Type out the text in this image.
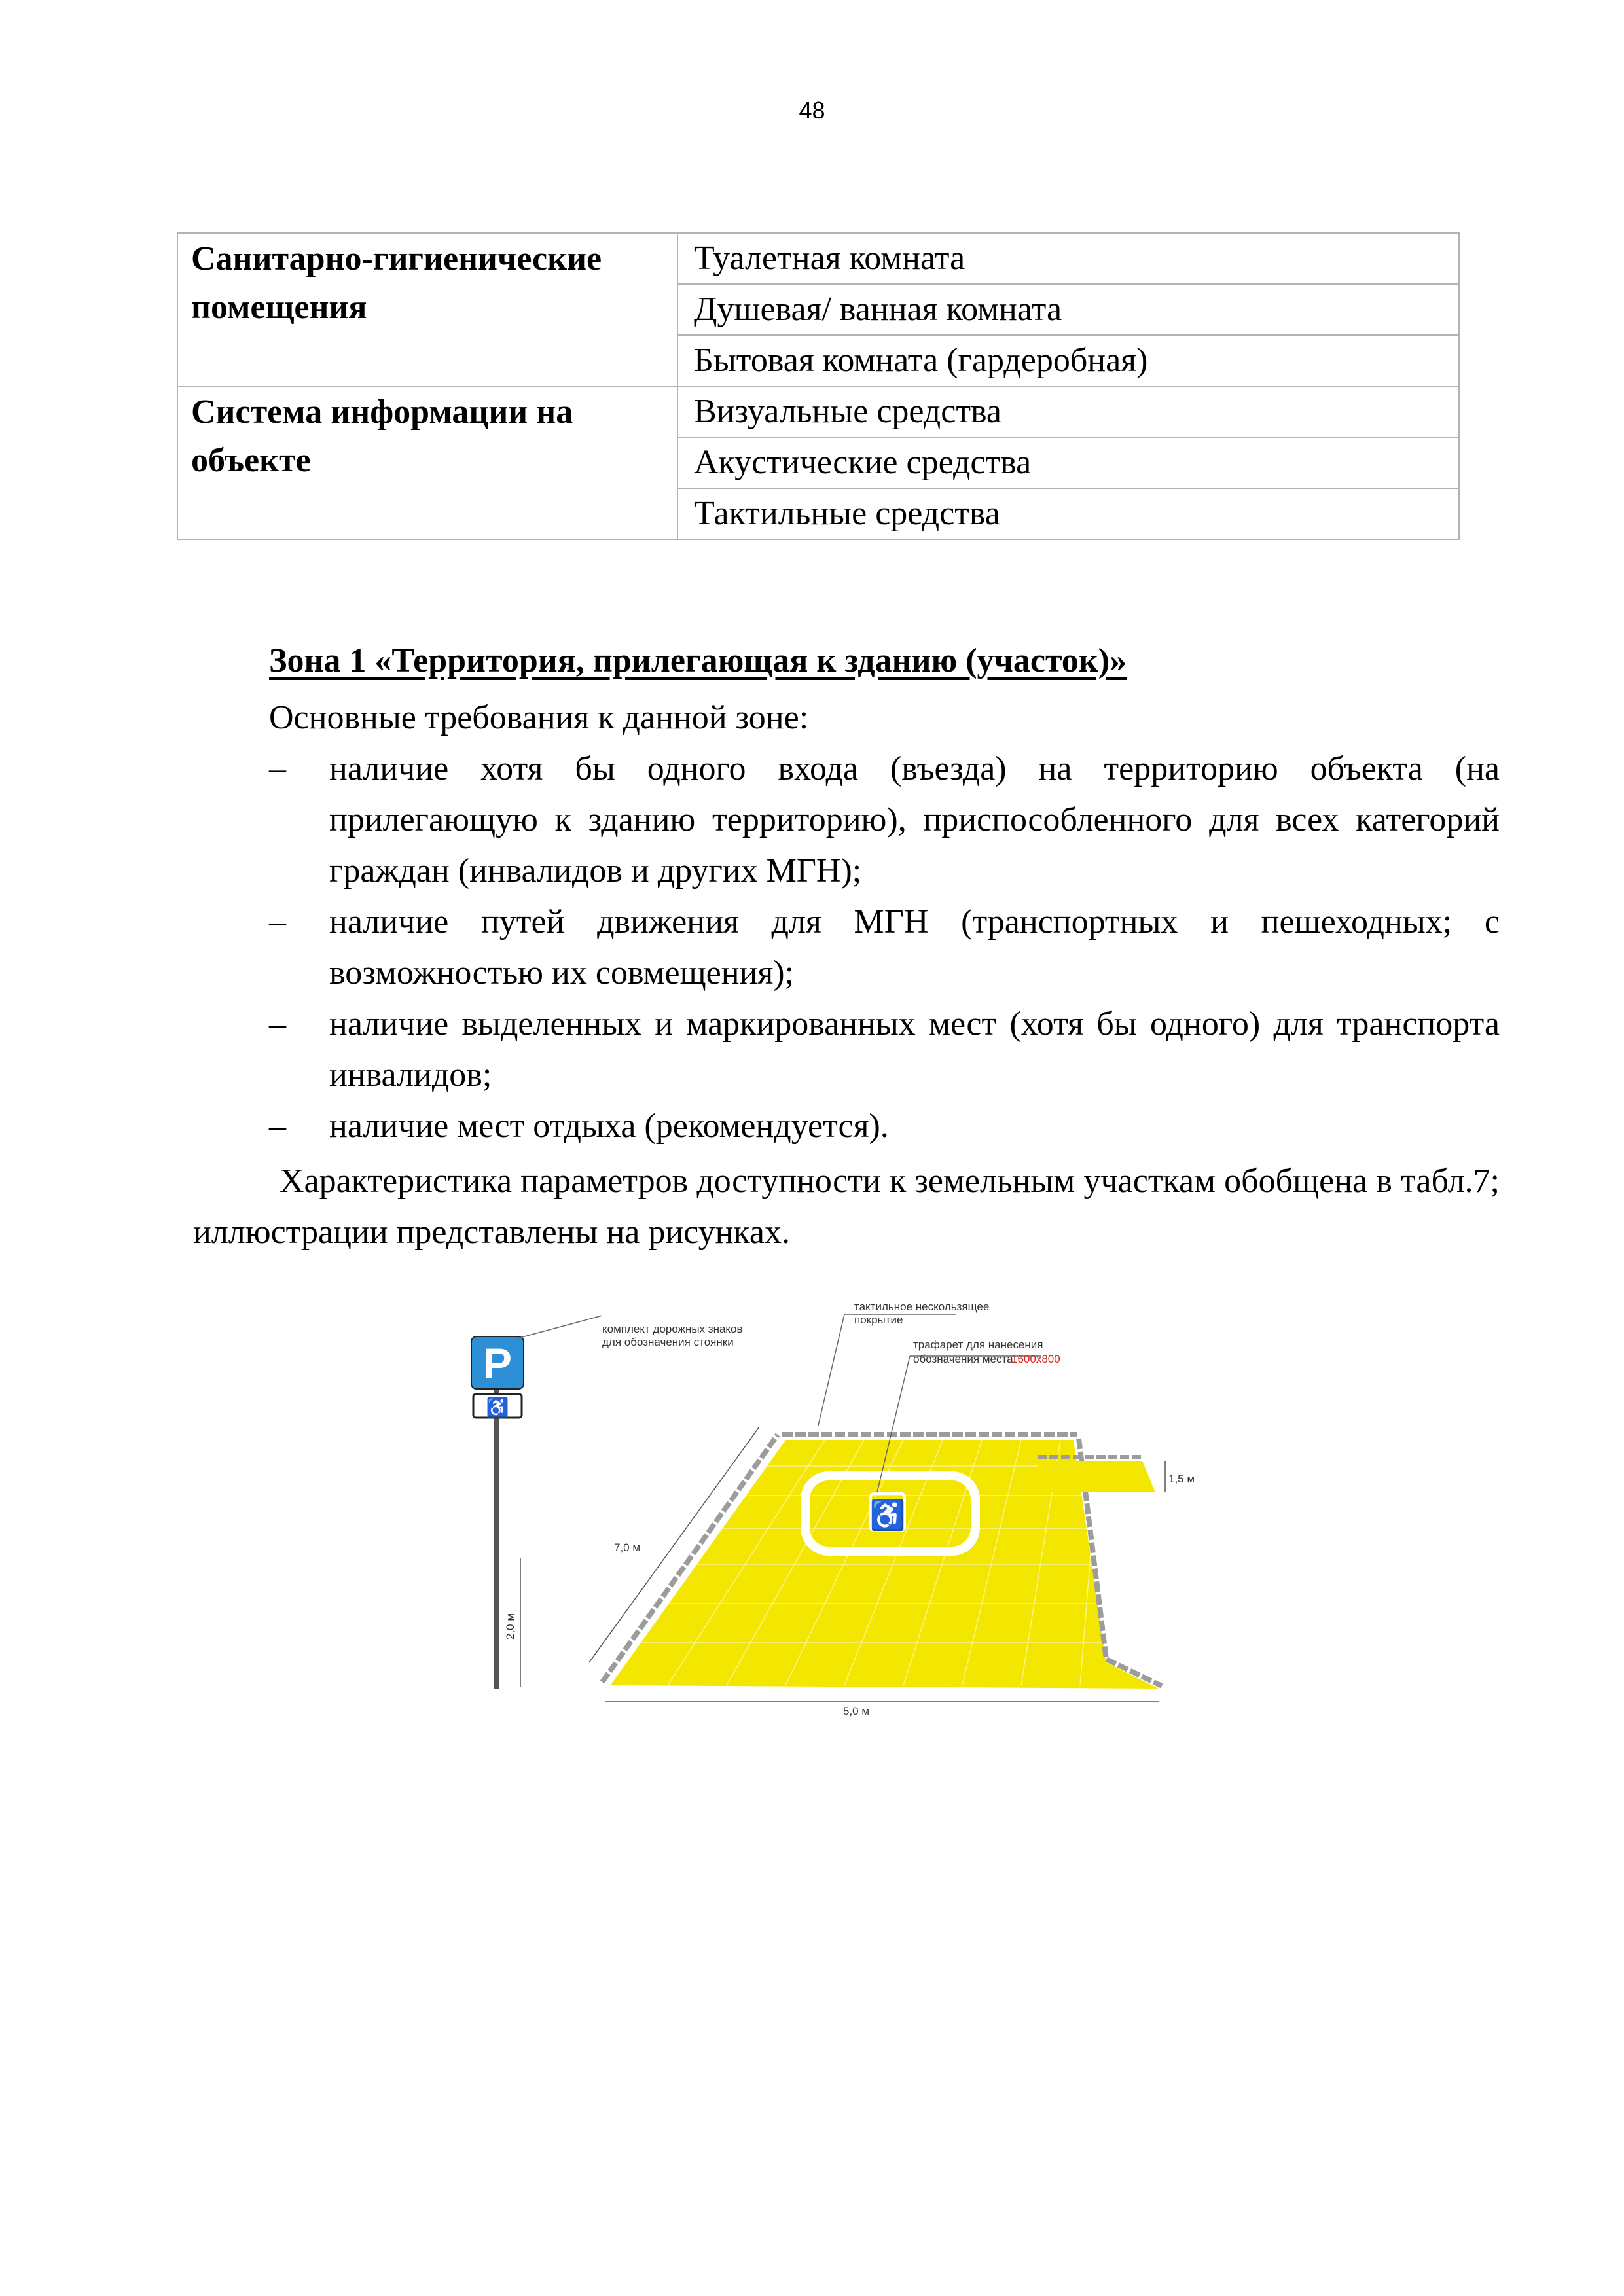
48
Санитарно-гигиенические помещения	Туалетная комната
	Душевая/ ванная комната
	Бытовая комната (гардеробная)
Система информации на объекте	Визуальные средства
	Акустические средства
	Тактильные средства
Зона 1 «Территория, прилегающая к зданию (участок)»
Основные требования к данной зоне:
– наличие хотя бы одного входа (въезда) на территорию объекта (на прилегающую к зданию территорию), приспособленного для всех категорий граждан (инвалидов и других МГН);
– наличие путей движения для МГН (транспортных и пешеходных; с возможностью их совмещения);
– наличие выделенных и маркированных мест (хотя бы одного) для транспорта инвалидов;
– наличие мест отдыха (рекомендуется).
Характеристика параметров доступности к земельным участкам обобщена в табл.7; иллюстрации представлены на рисунках.
♿
P
♿
комплект дорожных знаков
для обозначения стоянки
тактильное нескользящее
покрытие
трафарет для нанесения
обозначения места
1600х800
2,0 м
7,0 м
5,0 м
1,5 м
